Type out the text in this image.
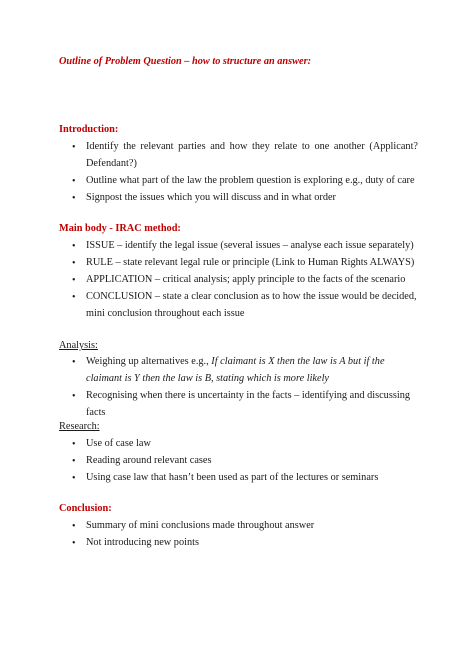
Outline of Problem Question – how to structure an answer:
Introduction:
• Identify the relevant parties and how they relate to one another (Applicant? Defendant?)
• Outline what part of the law the problem question is exploring e.g., duty of care
• Signpost the issues which you will discuss and in what order
Main body - IRAC method:
• ISSUE – identify the legal issue (several issues – analyse each issue separately)
• RULE – state relevant legal rule or principle (Link to Human Rights ALWAYS)
• APPLICATION – critical analysis; apply principle to the facts of the scenario
• CONCLUSION – state a clear conclusion as to how the issue would be decided, mini conclusion throughout each issue
Analysis:
• Weighing up alternatives e.g., If claimant is X then the law is A but if the claimant is Y then the law is B, stating which is more likely
• Recognising when there is uncertainty in the facts – identifying and discussing facts
Research:
• Use of case law
• Reading around relevant cases
• Using case law that hasn’t been used as part of the lectures or seminars
Conclusion:
• Summary of mini conclusions made throughout answer
• Not introducing new points
